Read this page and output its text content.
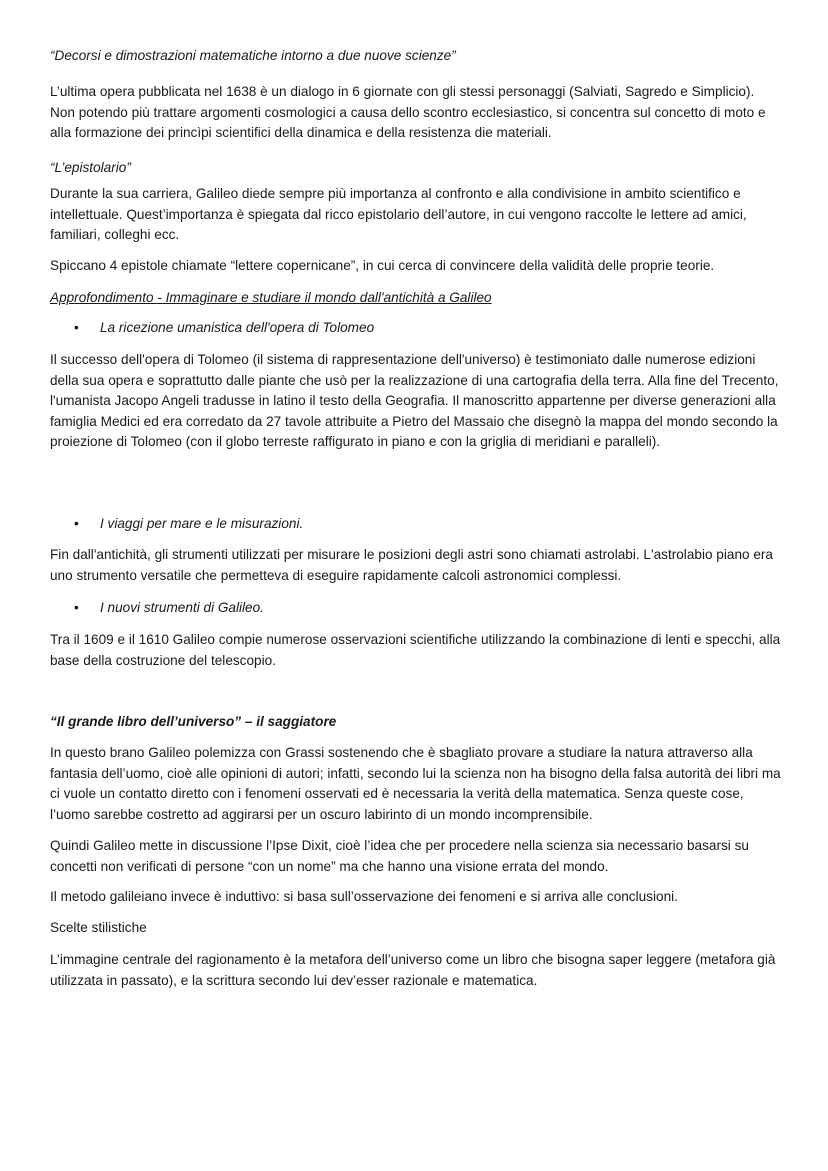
“Decorsi e dimostrazioni matematiche intorno a due nuove scienze”

L’ultima opera pubblicata nel 1638 è un dialogo in 6 giornate con gli stessi personaggi (Salviati, Sagredo e Simplicio). Non potendo più trattare argomenti cosmologici a causa dello scontro ecclesiastico, si concentra sul concetto di moto e alla formazione dei princìpi scientifici della dinamica e della resistenza die materiali.

“L’epistolario”

Durante la sua carriera, Galileo diede sempre più importanza al confronto e alla condivisione in ambito scientifico e intellettuale. Quest’importanza è spiegata dal ricco epistolario dell’autore, in cui vengono raccolte le lettere ad amici, familiari, colleghi ecc.

Spiccano 4 epistole chiamate “lettere copernicane”, in cui cerca di convincere della validità delle proprie teorie.

Approfondimento - Immaginare e studiare il mondo dall'antichità a Galileo

• La ricezione umanistica dell'opera di Tolomeo

Il successo dell'opera di Tolomeo (il sistema di rappresentazione dell'universo) è testimoniato dalle numerose edizioni della sua opera e soprattutto dalle piante che usò per la realizzazione di una cartografia della terra. Alla fine del Trecento, l'umanista Jacopo Angeli tradusse in latino il testo della Geografia. Il manoscritto appartenne per diverse generazioni alla famiglia Medici ed era corredato da 27 tavole attribuite a Pietro del Massaio che disegnò la mappa del mondo secondo la proiezione di Tolomeo (con il globo terreste raffigurato in piano e con la griglia di meridiani e paralleli).

• I viaggi per mare e le misurazioni.

Fin dall'antichità, gli strumenti utilizzati per misurare le posizioni degli astri sono chiamati astrolabi. L'astrolabio piano era uno strumento versatile che permetteva di eseguire rapidamente calcoli astronomici complessi.

• I nuovi strumenti di Galileo.

Tra il 1609 e il 1610 Galileo compie numerose osservazioni scientifiche utilizzando la combinazione di lenti e specchi, alla base della costruzione del telescopio.

“Il grande libro dell’universo” – il saggiatore

In questo brano Galileo polemizza con Grassi sostenendo che è sbagliato provare a studiare la natura attraverso alla fantasia dell’uomo, cioè alle opinioni di autori; infatti, secondo lui la scienza non ha bisogno della falsa autorità dei libri ma ci vuole un contatto diretto con i fenomeni osservati ed è necessaria la verità della matematica. Senza queste cose, l’uomo sarebbe costretto ad aggirarsi per un oscuro labirinto di un mondo incomprensibile.

Quindi Galileo mette in discussione l’Ipse Dixit, cioè l’idea che per procedere nella scienza sia necessario basarsi su concetti non verificati di persone “con un nome” ma che hanno una visione errata del mondo.

Il metodo galileiano invece è induttivo: si basa sull’osservazione dei fenomeni e si arriva alle conclusioni.

Scelte stilistiche

L’immagine centrale del ragionamento è la metafora dell’universo come un libro che bisogna saper leggere (metafora già utilizzata in passato), e la scrittura secondo lui dev’esser razionale e matematica.
